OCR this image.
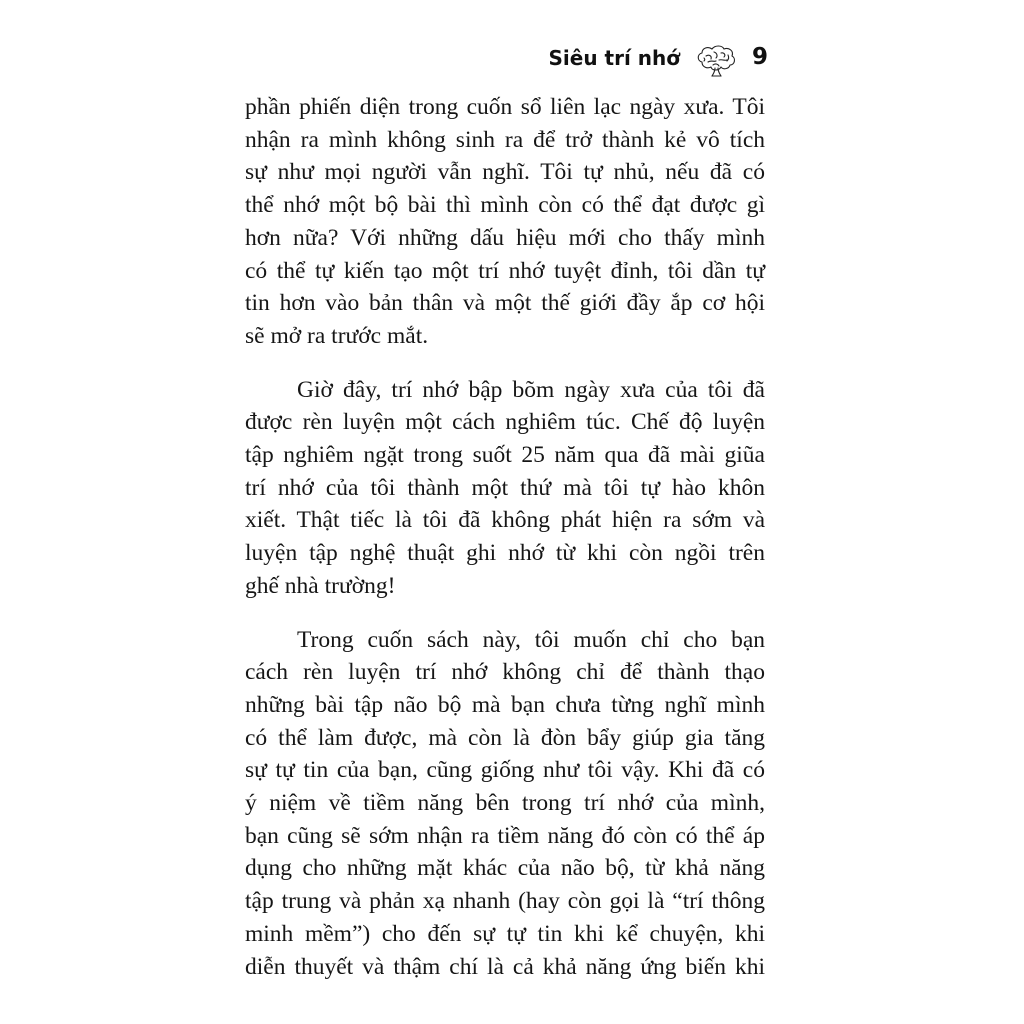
Siêu trí nhớ	9

phần phiến diện trong cuốn sổ liên lạc ngày xưa. Tôi
nhận ra mình không sinh ra để trở thành kẻ vô tích
sự như mọi người vẫn nghĩ. Tôi tự nhủ, nếu đã có
thể nhớ một bộ bài thì mình còn có thể đạt được gì
hơn nữa? Với những dấu hiệu mới cho thấy mình
có thể tự kiến tạo một trí nhớ tuyệt đỉnh, tôi dần tự
tin hơn vào bản thân và một thế giới đầy ắp cơ hội
sẽ mở ra trước mắt.

Giờ đây, trí nhớ bập bõm ngày xưa của tôi đã
được rèn luyện một cách nghiêm túc. Chế độ luyện
tập nghiêm ngặt trong suốt 25 năm qua đã mài giũa
trí nhớ của tôi thành một thứ mà tôi tự hào khôn
xiết. Thật tiếc là tôi đã không phát hiện ra sớm và
luyện tập nghệ thuật ghi nhớ từ khi còn ngồi trên
ghế nhà trường!

Trong cuốn sách này, tôi muốn chỉ cho bạn
cách rèn luyện trí nhớ không chỉ để thành thạo
những bài tập não bộ mà bạn chưa từng nghĩ mình
có thể làm được, mà còn là đòn bẩy giúp gia tăng
sự tự tin của bạn, cũng giống như tôi vậy. Khi đã có
ý niệm về tiềm năng bên trong trí nhớ của mình,
bạn cũng sẽ sớm nhận ra tiềm năng đó còn có thể áp
dụng cho những mặt khác của não bộ, từ khả năng
tập trung và phản xạ nhanh (hay còn gọi là “trí thông
minh mềm”) cho đến sự tự tin khi kể chuyện, khi
diễn thuyết và thậm chí là cả khả năng ứng biến khi
